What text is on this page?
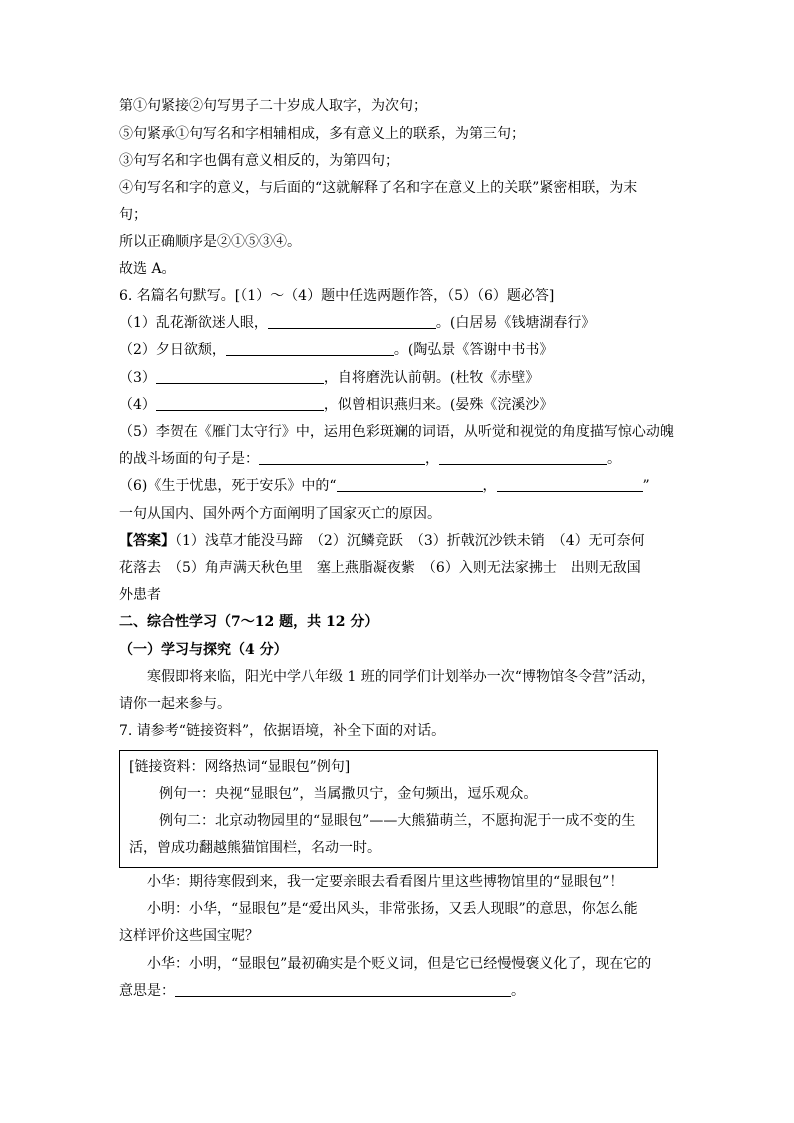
第①句紧接②句写男子二十岁成人取字，为次句；
⑤句紧承①句写名和字相辅相成，多有意义上的联系，为第三句；
③句写名和字也偶有意义相反的，为第四句；
④句写名和字的意义，与后面的“这就解释了名和字在意义上的关联”紧密相联，为末
句；
所以正确顺序是②①⑤③④。
故选 A。
6. 名篇名句默写。[（1）～（4）题中任选两题作答，（5）（6）题必答]
（1）乱花渐欲迷人眼，	。(白居易《钱塘湖春行》
（2）夕日欲颓，	。(陶弘景《答谢中书书》
（3）	，自将磨洗认前朝。(杜牧《赤壁》
（4）	，似曾相识燕归来。(晏殊《浣溪沙》
（5）李贺在《雁门太守行》中，运用色彩斑斓的词语，从听觉和视觉的角度描写惊心动魄
的战斗场面的句子是：	，	。
（6)《生于忧患，死于安乐》中的“	，	”
一句从国内、国外两个方面阐明了国家灭亡的原因。
【答案】（1）浅草才能没马蹄　（2）沉鳞竞跃　（3）折戟沉沙铁未销　（4）无可奈何
花落去　（5）角声满天秋色里　塞上燕脂凝夜紫　（6）入则无法家拂士　出则无敌国
外患者
二、综合性学习（7～12 题，共 12 分）
（一）学习与探究（4 分）
寒假即将来临，阳光中学八年级 1 班的同学们计划举办一次“博物馆冬令营”活动，
请你一起来参与。
7. 请参考“链接资料”，依据语境，补全下面的对话。
[链接资料：网络热词“显眼包”例句]
例句一：央视“显眼包”，当属撒贝宁，金句频出，逗乐观众。
例句二：北京动物园里的“显眼包”——大熊猫萌兰，不愿拘泥于一成不变的生
活，曾成功翻越熊猫馆围栏，名动一时。
小华：期待寒假到来，我一定要亲眼去看看图片里这些博物馆里的“显眼包”！
小明：小华，“显眼包”是“爱出风头，非常张扬，又丢人现眼”的意思，你怎么能
这样评价这些国宝呢？
小华：小明，“显眼包”最初确实是个贬义词，但是它已经慢慢褒义化了，现在它的
意思是：	。
